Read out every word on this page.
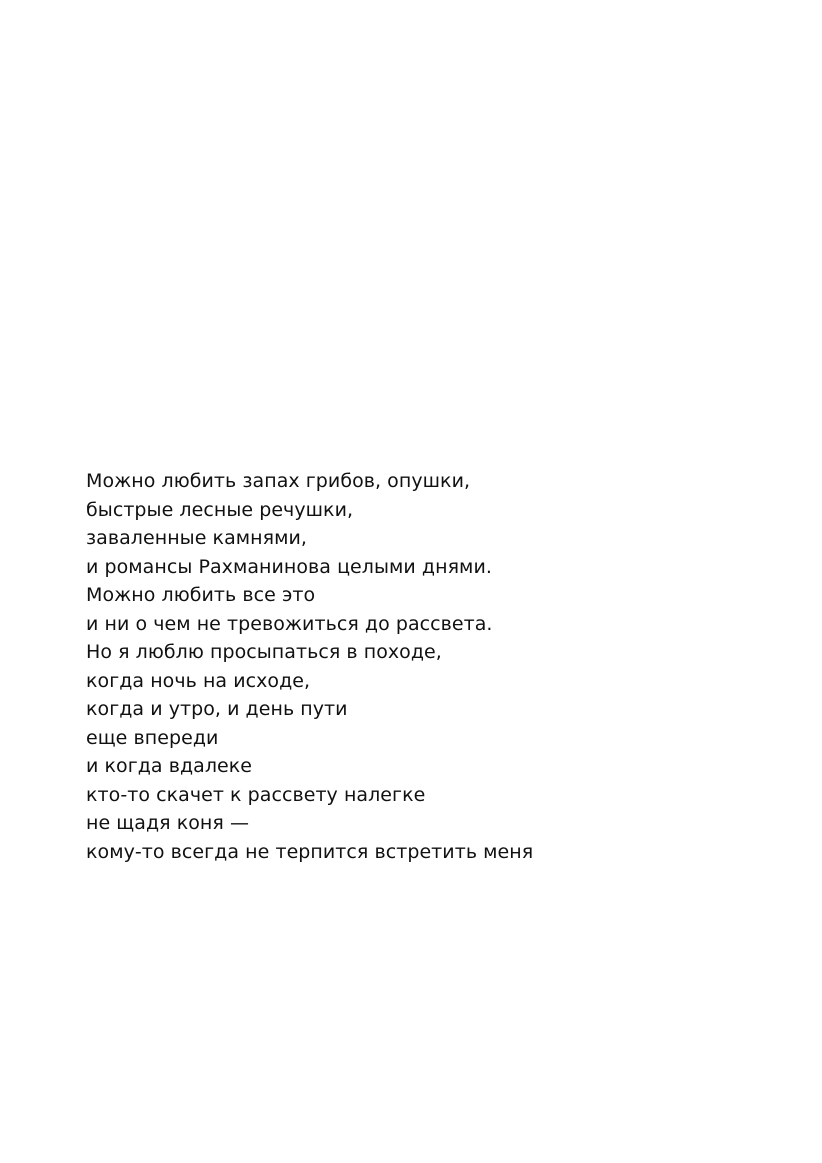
Можно любить запах грибов, опушки,
быстрые лесные речушки,
заваленные камнями,
и романсы Рахманинова целыми днями.
Можно любить все это
и ни о чем не тревожиться до рассвета.
Но я люблю просыпаться в походе,
когда ночь на исходе,
когда и утро, и день пути
еще впереди
и когда вдалеке
кто-то скачет к рассвету налегке
не щадя коня —
кому-то всегда не терпится встретить меня
